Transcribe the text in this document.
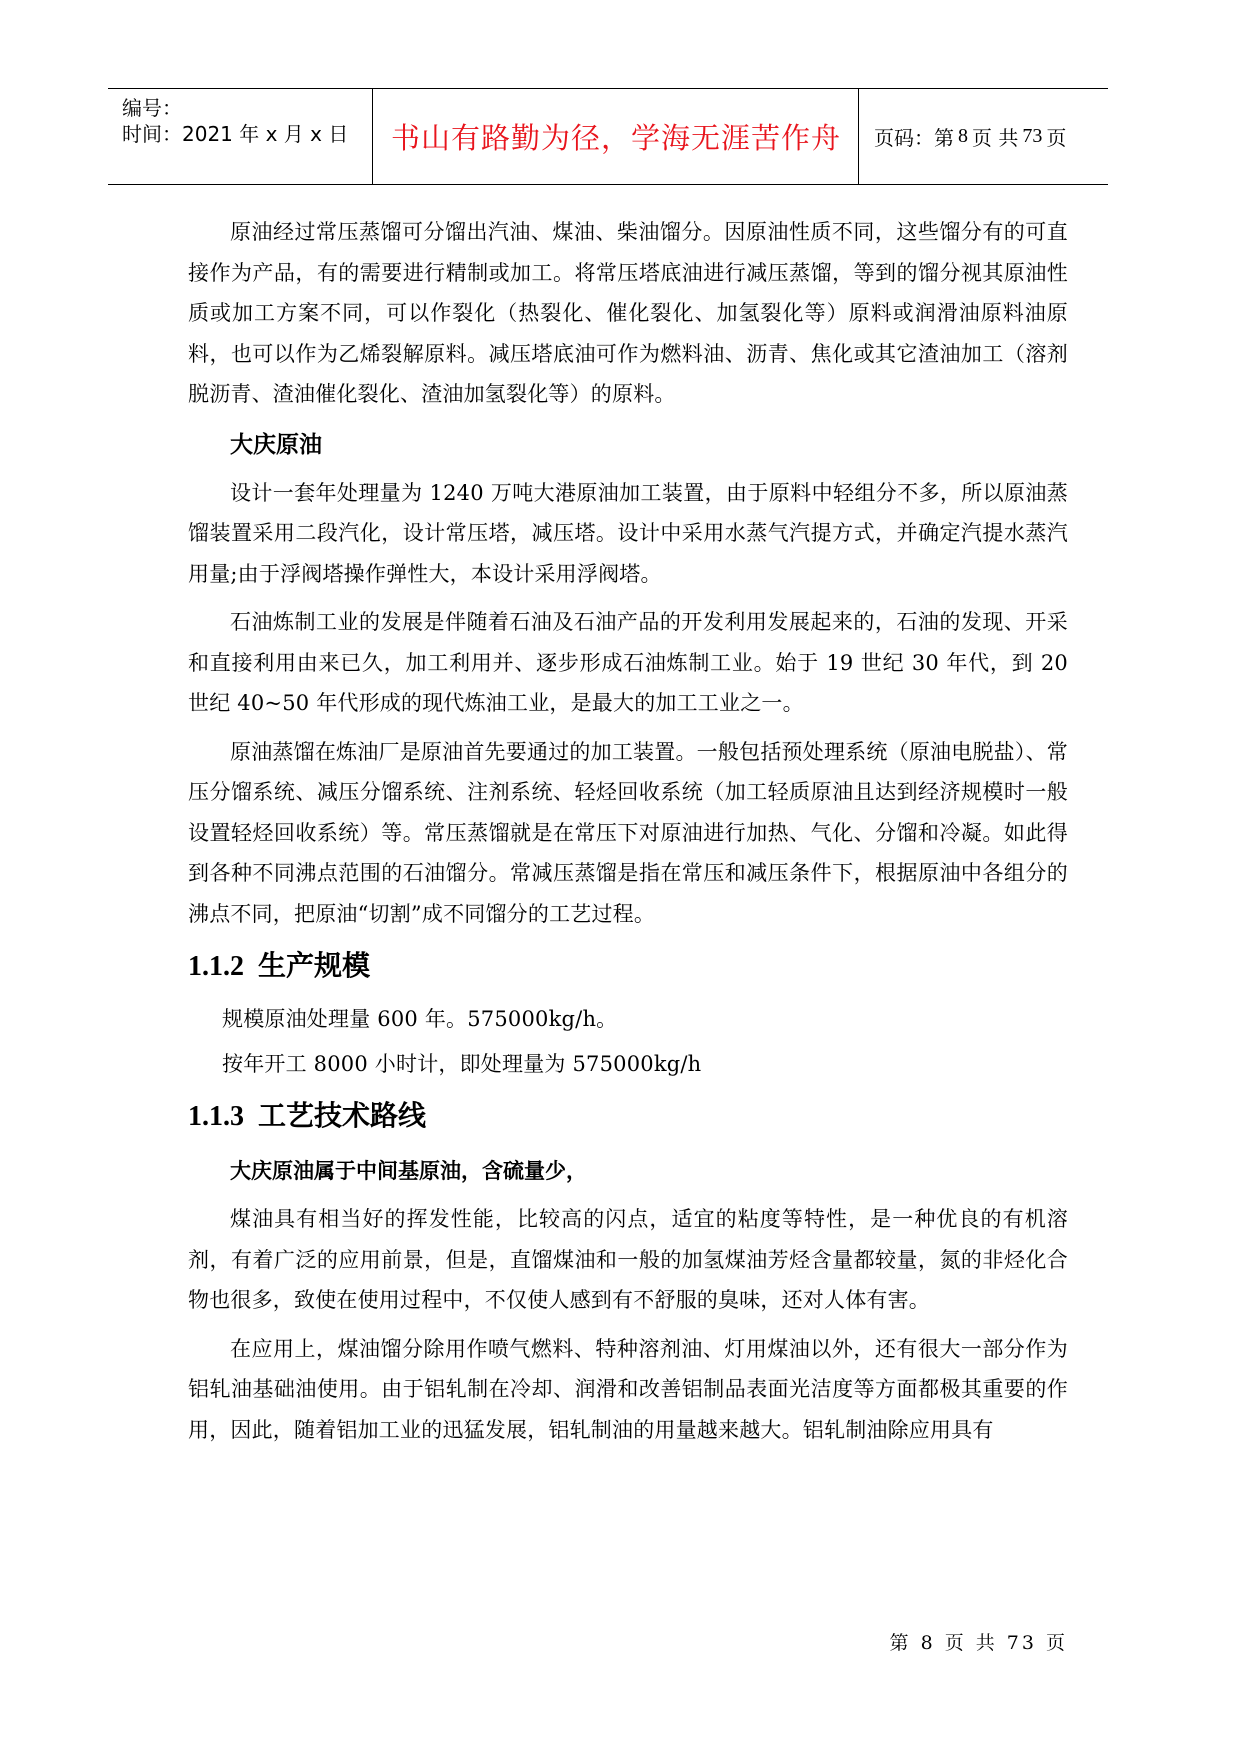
编号：
时间：2021 年 x 月 x 日	书山有路勤为径，学海无涯苦作舟	页码：第 8 页 共 73 页

原油经过常压蒸馏可分馏出汽油、煤油、柴油馏分。因原油性质不同，这些馏分有的可直接作为产品，有的需要进行精制或加工。将常压塔底油进行减压蒸馏，等到的馏分视其原油性质或加工方案不同，可以作裂化（热裂化、催化裂化、加氢裂化等）原料或润滑油原料油原料，也可以作为乙烯裂解原料。减压塔底油可作为燃料油、沥青、焦化或其它渣油加工（溶剂脱沥青、渣油催化裂化、渣油加氢裂化等）的原料。

大庆原油

设计一套年处理量为 1240 万吨大港原油加工装置，由于原料中轻组分不多，所以原油蒸馏装置采用二段汽化，设计常压塔，减压塔。设计中采用水蒸气汽提方式，并确定汽提水蒸汽用量;由于浮阀塔操作弹性大，本设计采用浮阀塔。

石油炼制工业的发展是伴随着石油及石油产品的开发利用发展起来的，石油的发现、开采和直接利用由来已久，加工利用并、逐步形成石油炼制工业。始于 19 世纪 30 年代，到 20 世纪 40~50 年代形成的现代炼油工业，是最大的加工工业之一。

原油蒸馏在炼油厂是原油首先要通过的加工装置。一般包括预处理系统（原油电脱盐）、常压分馏系统、减压分馏系统、注剂系统、轻烃回收系统（加工轻质原油且达到经济规模时一般设置轻烃回收系统）等。常压蒸馏就是在常压下对原油进行加热、气化、分馏和冷凝。如此得到各种不同沸点范围的石油馏分。常减压蒸馏是指在常压和减压条件下，根据原油中各组分的沸点不同，把原油“切割”成不同馏分的工艺过程。

1.1.2 生产规模

规模原油处理量 600 年。575000kg/h。

按年开工 8000 小时计，即处理量为 575000kg/h

1.1.3 工艺技术路线
大庆原油属于中间基原油，含硫量少，

煤油具有相当好的挥发性能，比较高的闪点，适宜的粘度等特性，是一种优良的有机溶剂，有着广泛的应用前景，但是，直馏煤油和一般的加氢煤油芳烃含量都较量，氮的非烃化合物也很多，致使在使用过程中，不仅使人感到有不舒服的臭味，还对人体有害。

在应用上，煤油馏分除用作喷气燃料、特种溶剂油、灯用煤油以外，还有很大一部分作为铝轧油基础油使用。由于铝轧制在冷却、润滑和改善铝制品表面光洁度等方面都极其重要的作用，因此，随着铝加工业的迅猛发展，铝轧制油的用量越来越大。铝轧制油除应用具有

第 8 页 共 73 页
